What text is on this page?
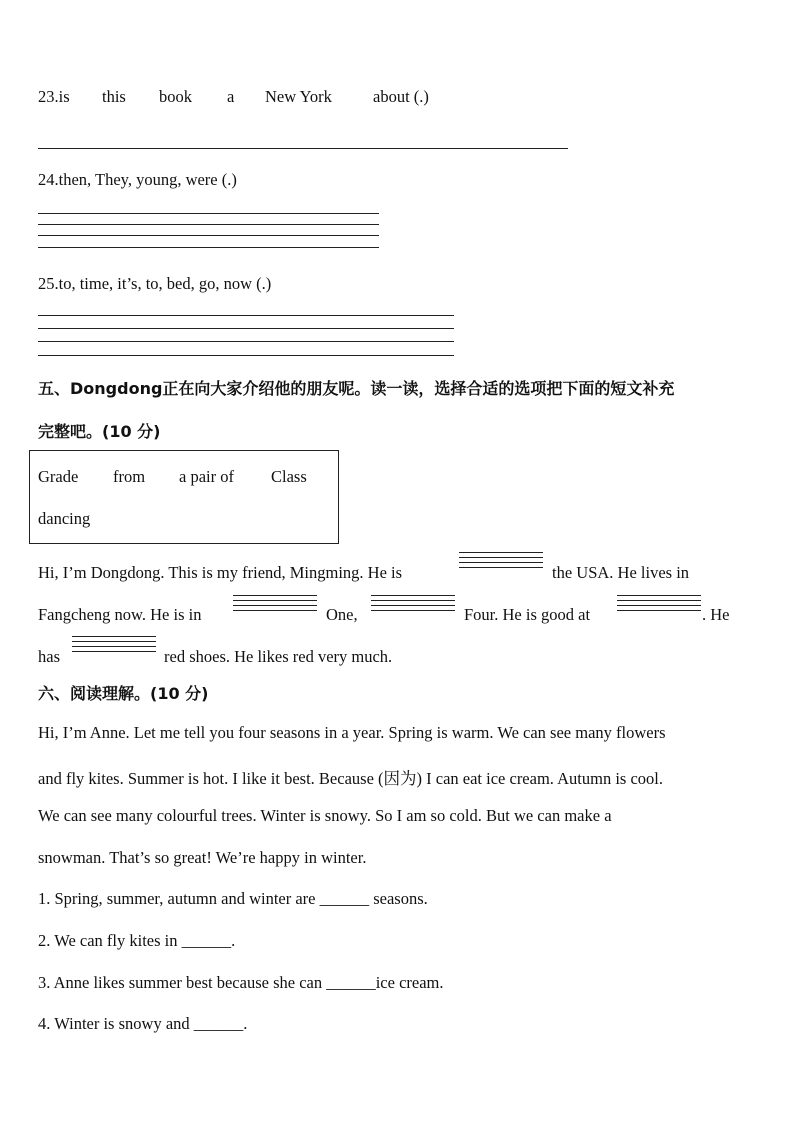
23.is this book a New York about (.)
24.then, They, young, were (.)
25.to, time, it’s, to, bed, go, now (.)
五、Dongdong正在向大家介绍他的朋友呢。读一读，选择合适的选项把下面的短文补充
完整吧。(10 分)
Grade from a pair of Class
dancing
Hi, I’m Dongdong. This is my friend, Mingming. He is	the USA. He lives in
Fangcheng now. He is in	One,	Four. He is good at	. He
has	red shoes. He likes red very much.
六、阅读理解。(10 分)
Hi, I’m Anne. Let me tell you four seasons in a year. Spring is warm. We can see many flowers
and fly kites. Summer is hot. I like it best. Because (因为) I can eat ice cream. Autumn is cool.
We can see many colourful trees. Winter is snowy. So I am so cold. But we can make a
snowman. That’s so great! We’re happy in winter.
1. Spring, summer, autumn and winter are ______ seasons.
2. We can fly kites in ______.
3. Anne likes summer best because she can ______ice cream.
4. Winter is snowy and ______.
